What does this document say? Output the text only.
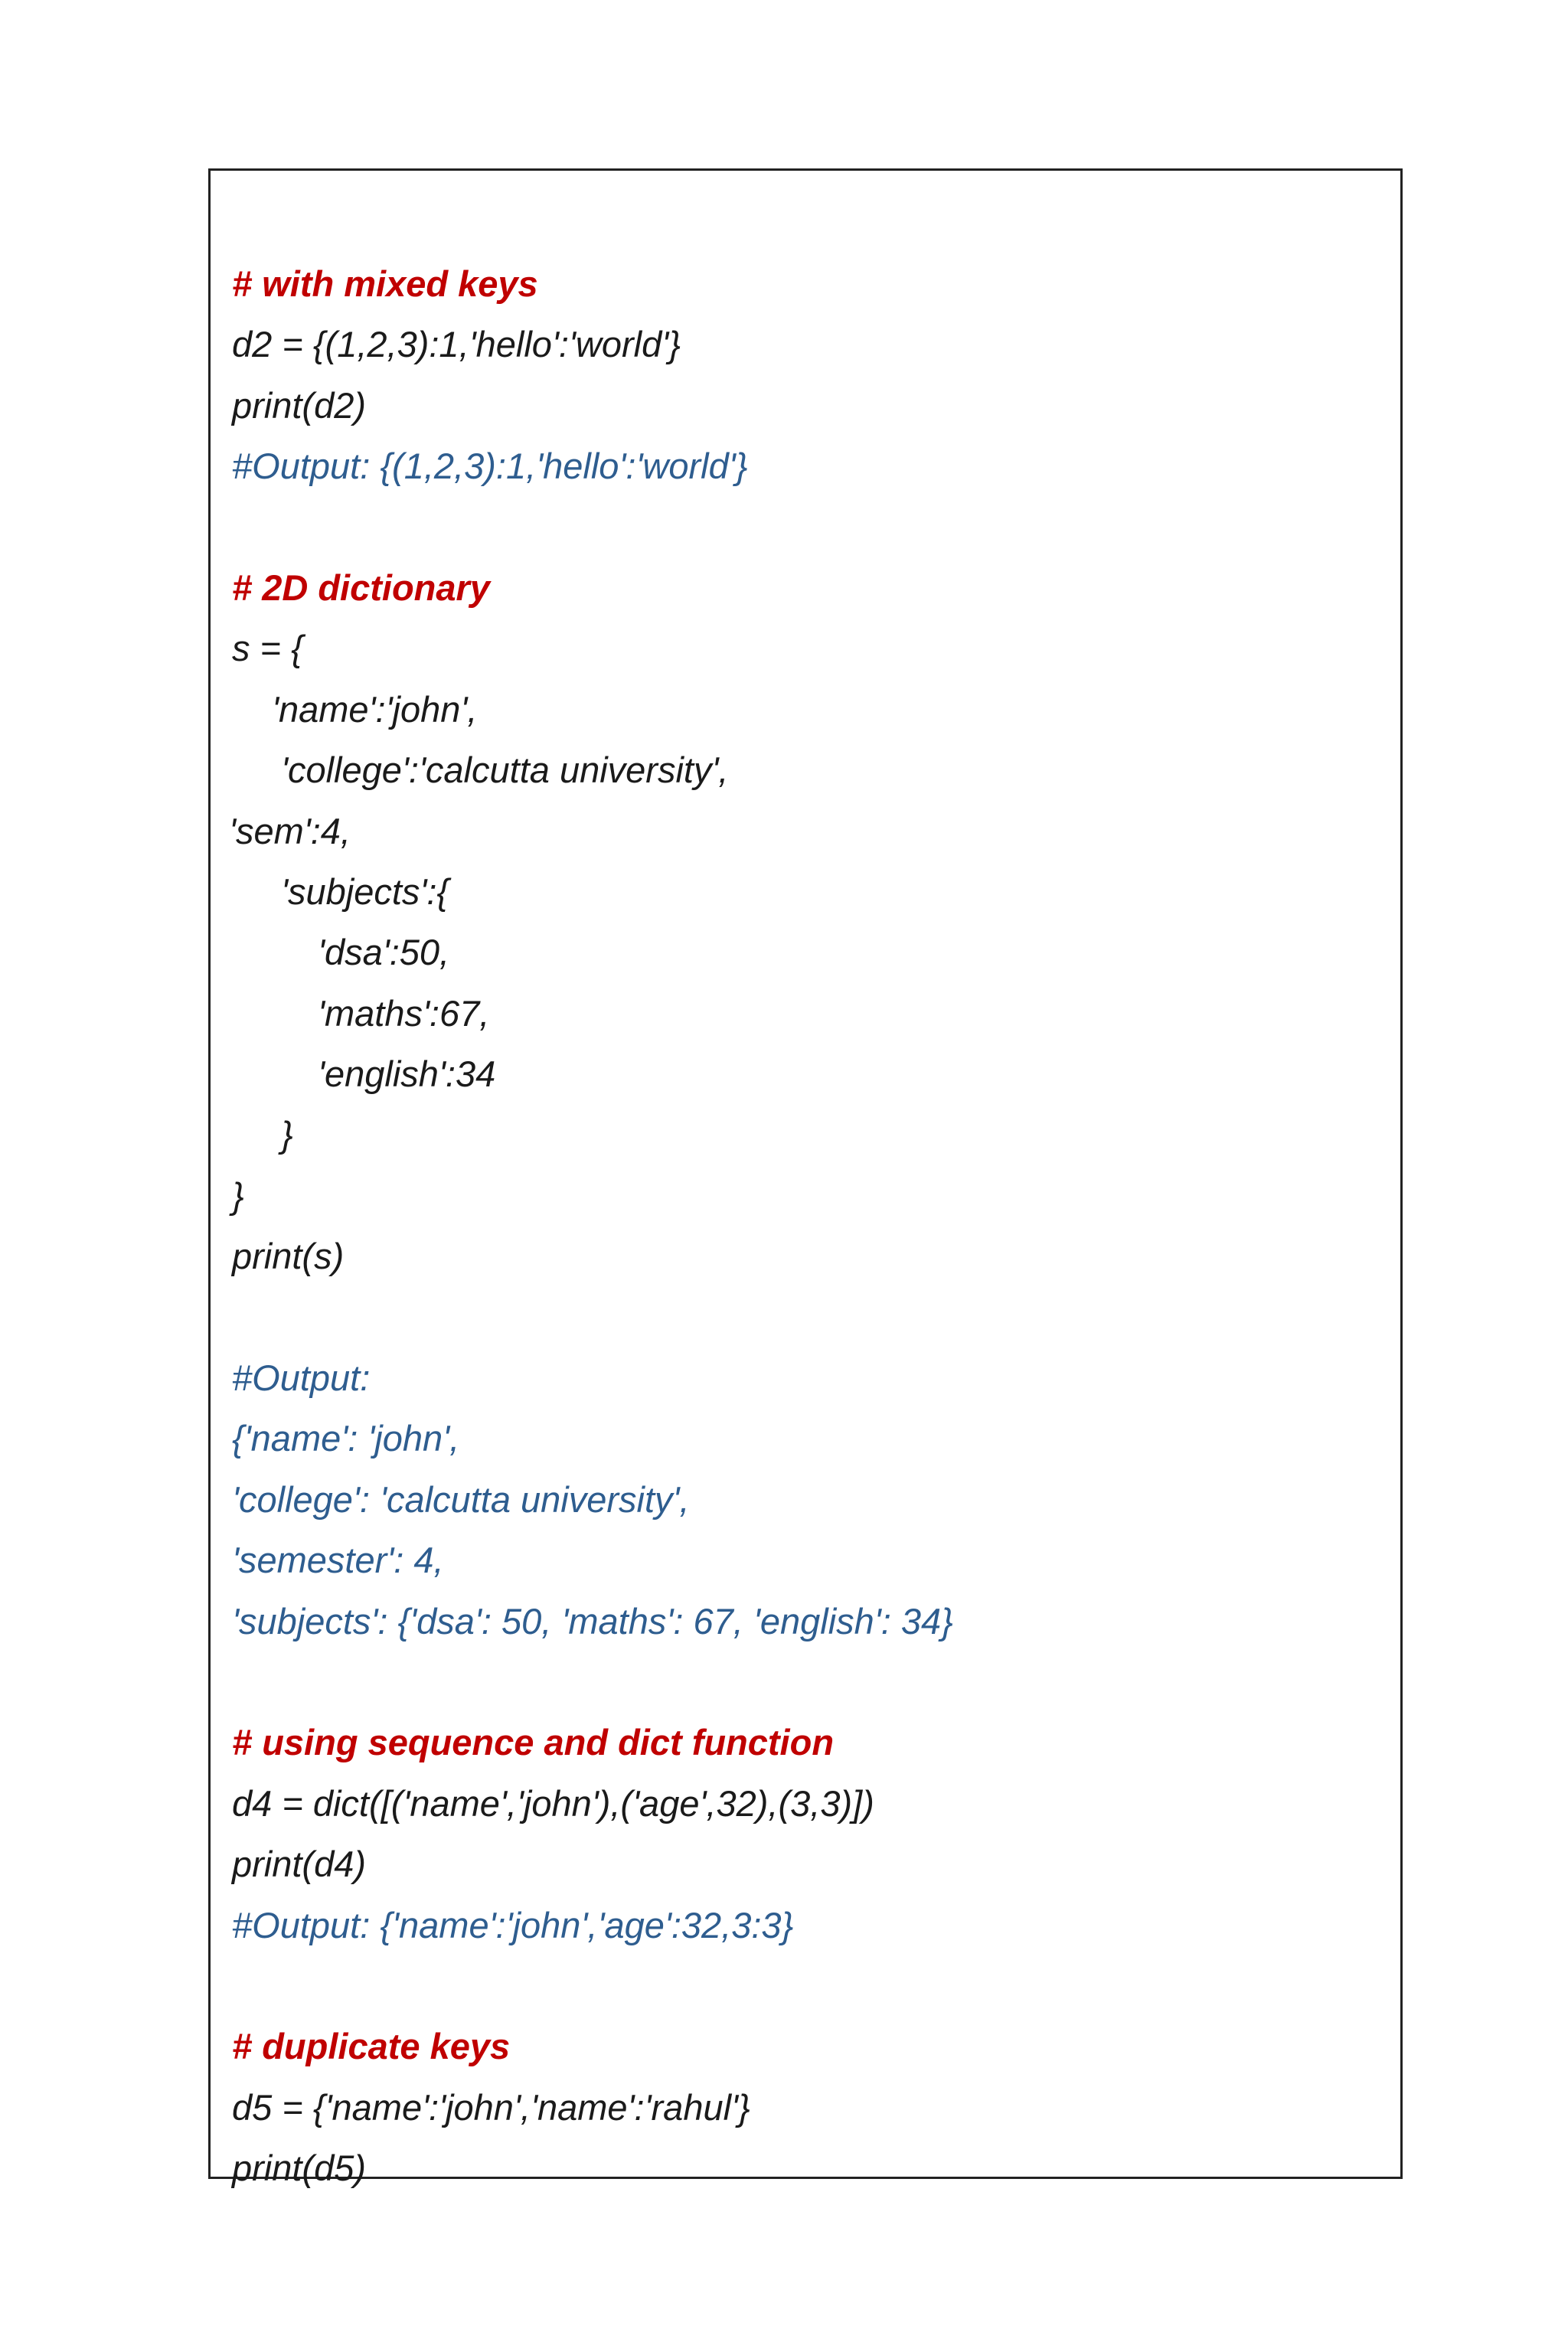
# with mixed keys
d2 = {(1,2,3):1,'hello':'world'}
print(d2)
#Output: {(1,2,3):1,'hello':'world'}
# 2D dictionary
s = {
'name':'john',
'college':'calcutta university',
'sem':4,
'subjects':{
'dsa':50,
'maths':67,
'english':34
}
}
print(s)
#Output:
{'name': 'john',
'college': 'calcutta university',
'semester': 4,
'subjects': {'dsa': 50, 'maths': 67, 'english': 34}
# using sequence and dict function
d4 = dict([('name','john'),('age',32),(3,3)])
print(d4)
#Output: {'name':'john','age':32,3:3}
# duplicate keys
d5 = {'name':'john','name':'rahul'}
print(d5)
